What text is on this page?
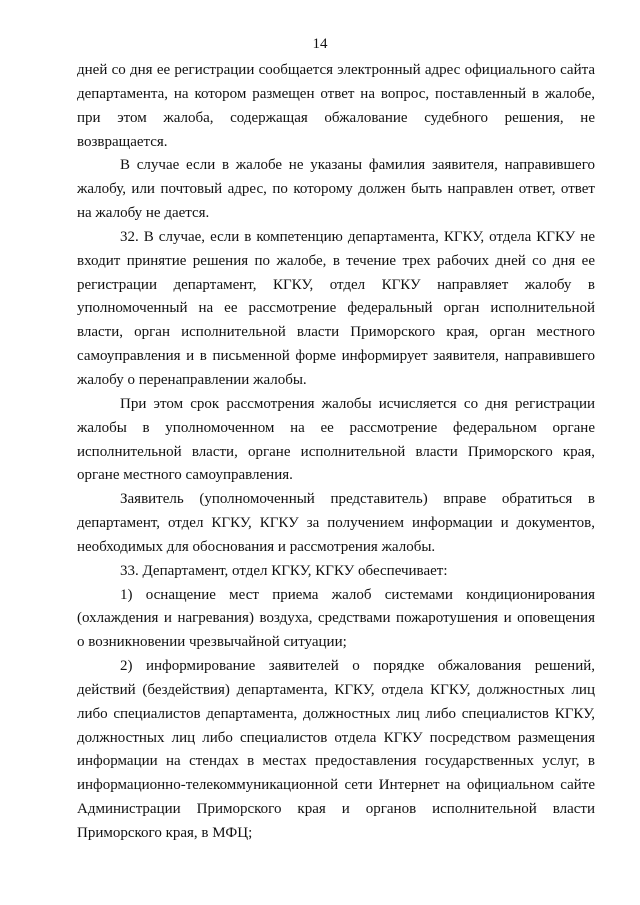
14
дней со дня ее регистрации сообщается электронный адрес официального сайта
департамента, на котором размещен ответ на вопрос, поставленный в жалобе,
при этом жалоба, содержащая обжалование судебного решения, не
возвращается.
В случае если в жалобе не указаны фамилия заявителя, направившего
жалобу, или почтовый адрес, по которому должен быть направлен ответ, ответ
на жалобу не дается.
32. В случае, если в компетенцию департамента, КГКУ, отдела КГКУ не
входит принятие решения по жалобе, в течение трех рабочих дней со дня ее
регистрации департамент, КГКУ, отдел КГКУ направляет жалобу в
уполномоченный на ее рассмотрение федеральный орган исполнительной
власти, орган исполнительной власти Приморского края, орган местного
самоуправления и в письменной форме информирует заявителя, направившего
жалобу о перенаправлении жалобы.
При этом срок рассмотрения жалобы исчисляется со дня регистрации
жалобы в уполномоченном на ее рассмотрение федеральном органе
исполнительной власти, органе исполнительной власти Приморского края,
органе местного самоуправления.
Заявитель (уполномоченный представитель) вправе обратиться в
департамент, отдел КГКУ, КГКУ за получением информации и документов,
необходимых для обоснования и рассмотрения жалобы.
33. Департамент, отдел КГКУ, КГКУ обеспечивает:
1) оснащение мест приема жалоб системами кондиционирования
(охлаждения и нагревания) воздуха, средствами пожаротушения и оповещения
о возникновении чрезвычайной ситуации;
2) информирование заявителей о порядке обжалования решений,
действий (бездействия) департамента, КГКУ, отдела КГКУ, должностных лиц
либо специалистов департамента, должностных лиц либо специалистов КГКУ,
должностных лиц либо специалистов отдела КГКУ посредством размещения
информации на стендах в местах предоставления государственных услуг, в
информационно-телекоммуникационной сети Интернет на официальном сайте
Администрации Приморского края и органов исполнительной власти
Приморского края, в МФЦ;
